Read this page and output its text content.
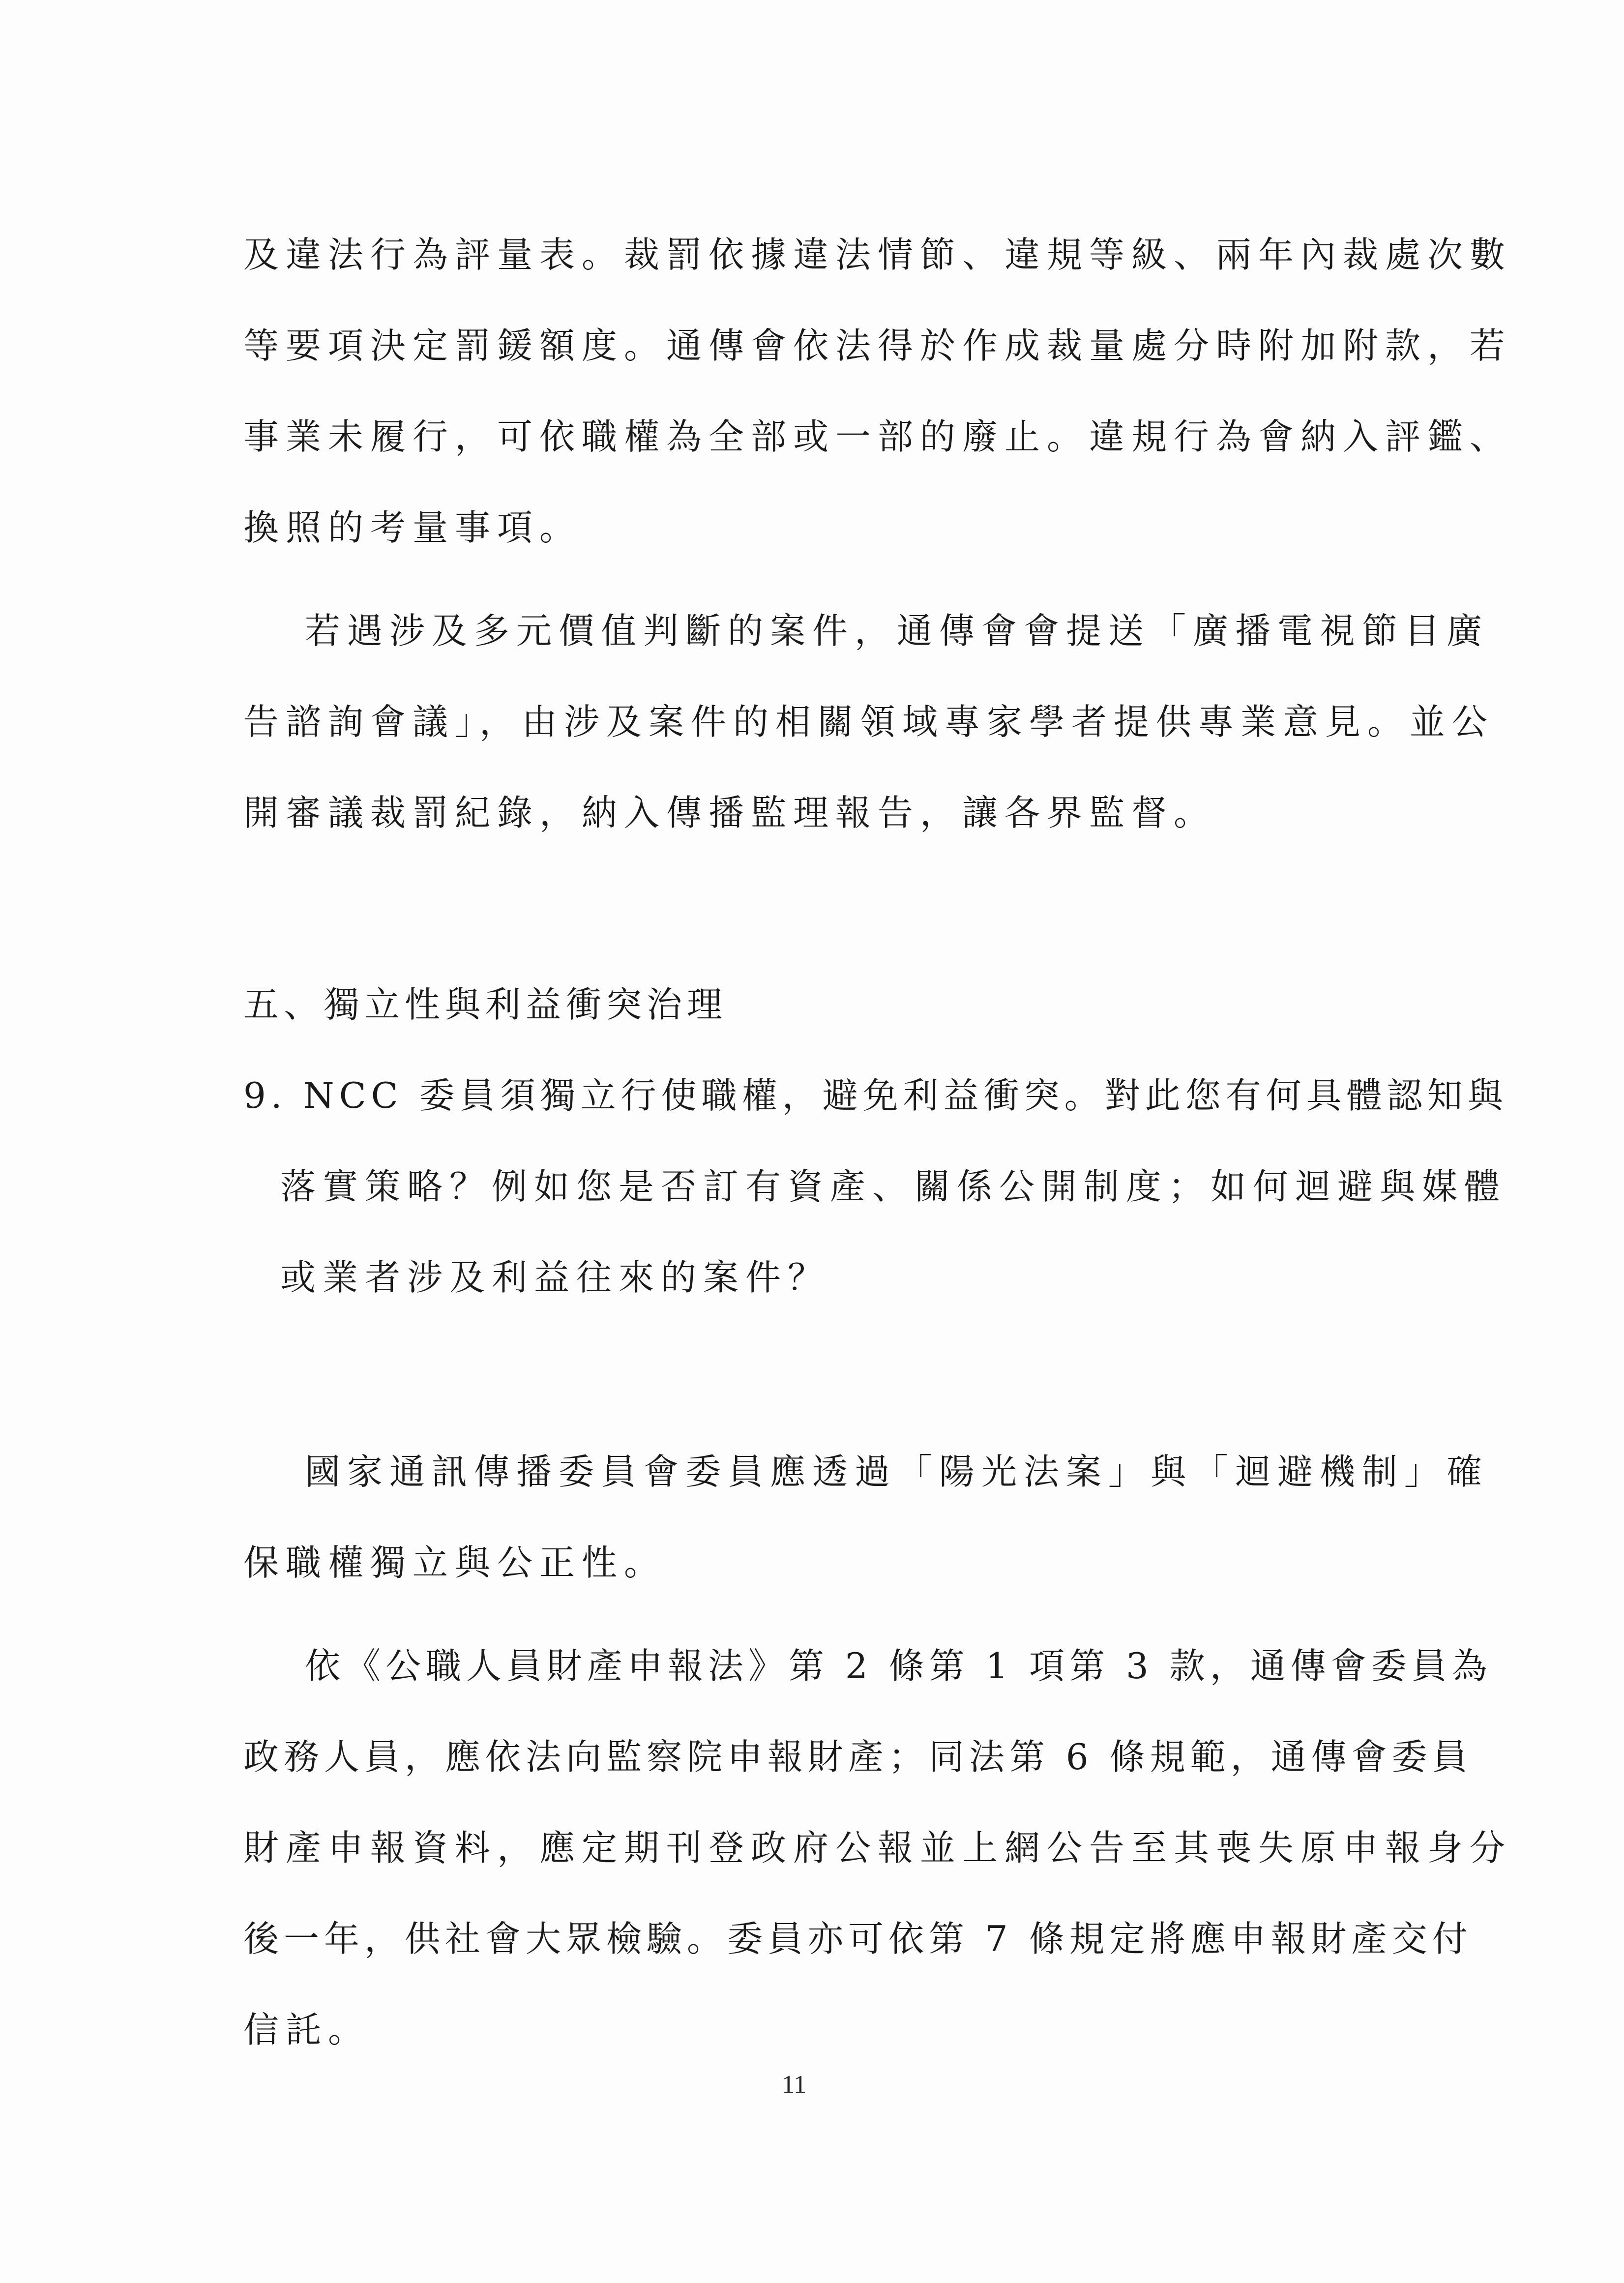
及違法行為評量表。裁罰依據違法情節、違規等級、兩年內裁處次數
等要項決定罰鍰額度。通傳會依法得於作成裁量處分時附加附款，若
事業未履行，可依職權為全部或一部的廢止。違規行為會納入評鑑、
換照的考量事項。
若遇涉及多元價值判斷的案件，通傳會會提送「廣播電視節目廣
告諮詢會議」，由涉及案件的相關領域專家學者提供專業意見。並公
開審議裁罰紀錄，納入傳播監理報告，讓各界監督。
五、獨立性與利益衝突治理
9. NCC 委員須獨立行使職權，避免利益衝突。對此您有何具體認知與
落實策略？例如您是否訂有資產、關係公開制度；如何迴避與媒體
或業者涉及利益往來的案件？
國家通訊傳播委員會委員應透過「陽光法案」與「迴避機制」確
保職權獨立與公正性。
依《公職人員財產申報法》第 2 條第 1 項第 3 款，通傳會委員為
政務人員，應依法向監察院申報財產；同法第 6 條規範，通傳會委員
財產申報資料，應定期刊登政府公報並上網公告至其喪失原申報身分
後一年，供社會大眾檢驗。委員亦可依第 7 條規定將應申報財產交付
信託。
11
